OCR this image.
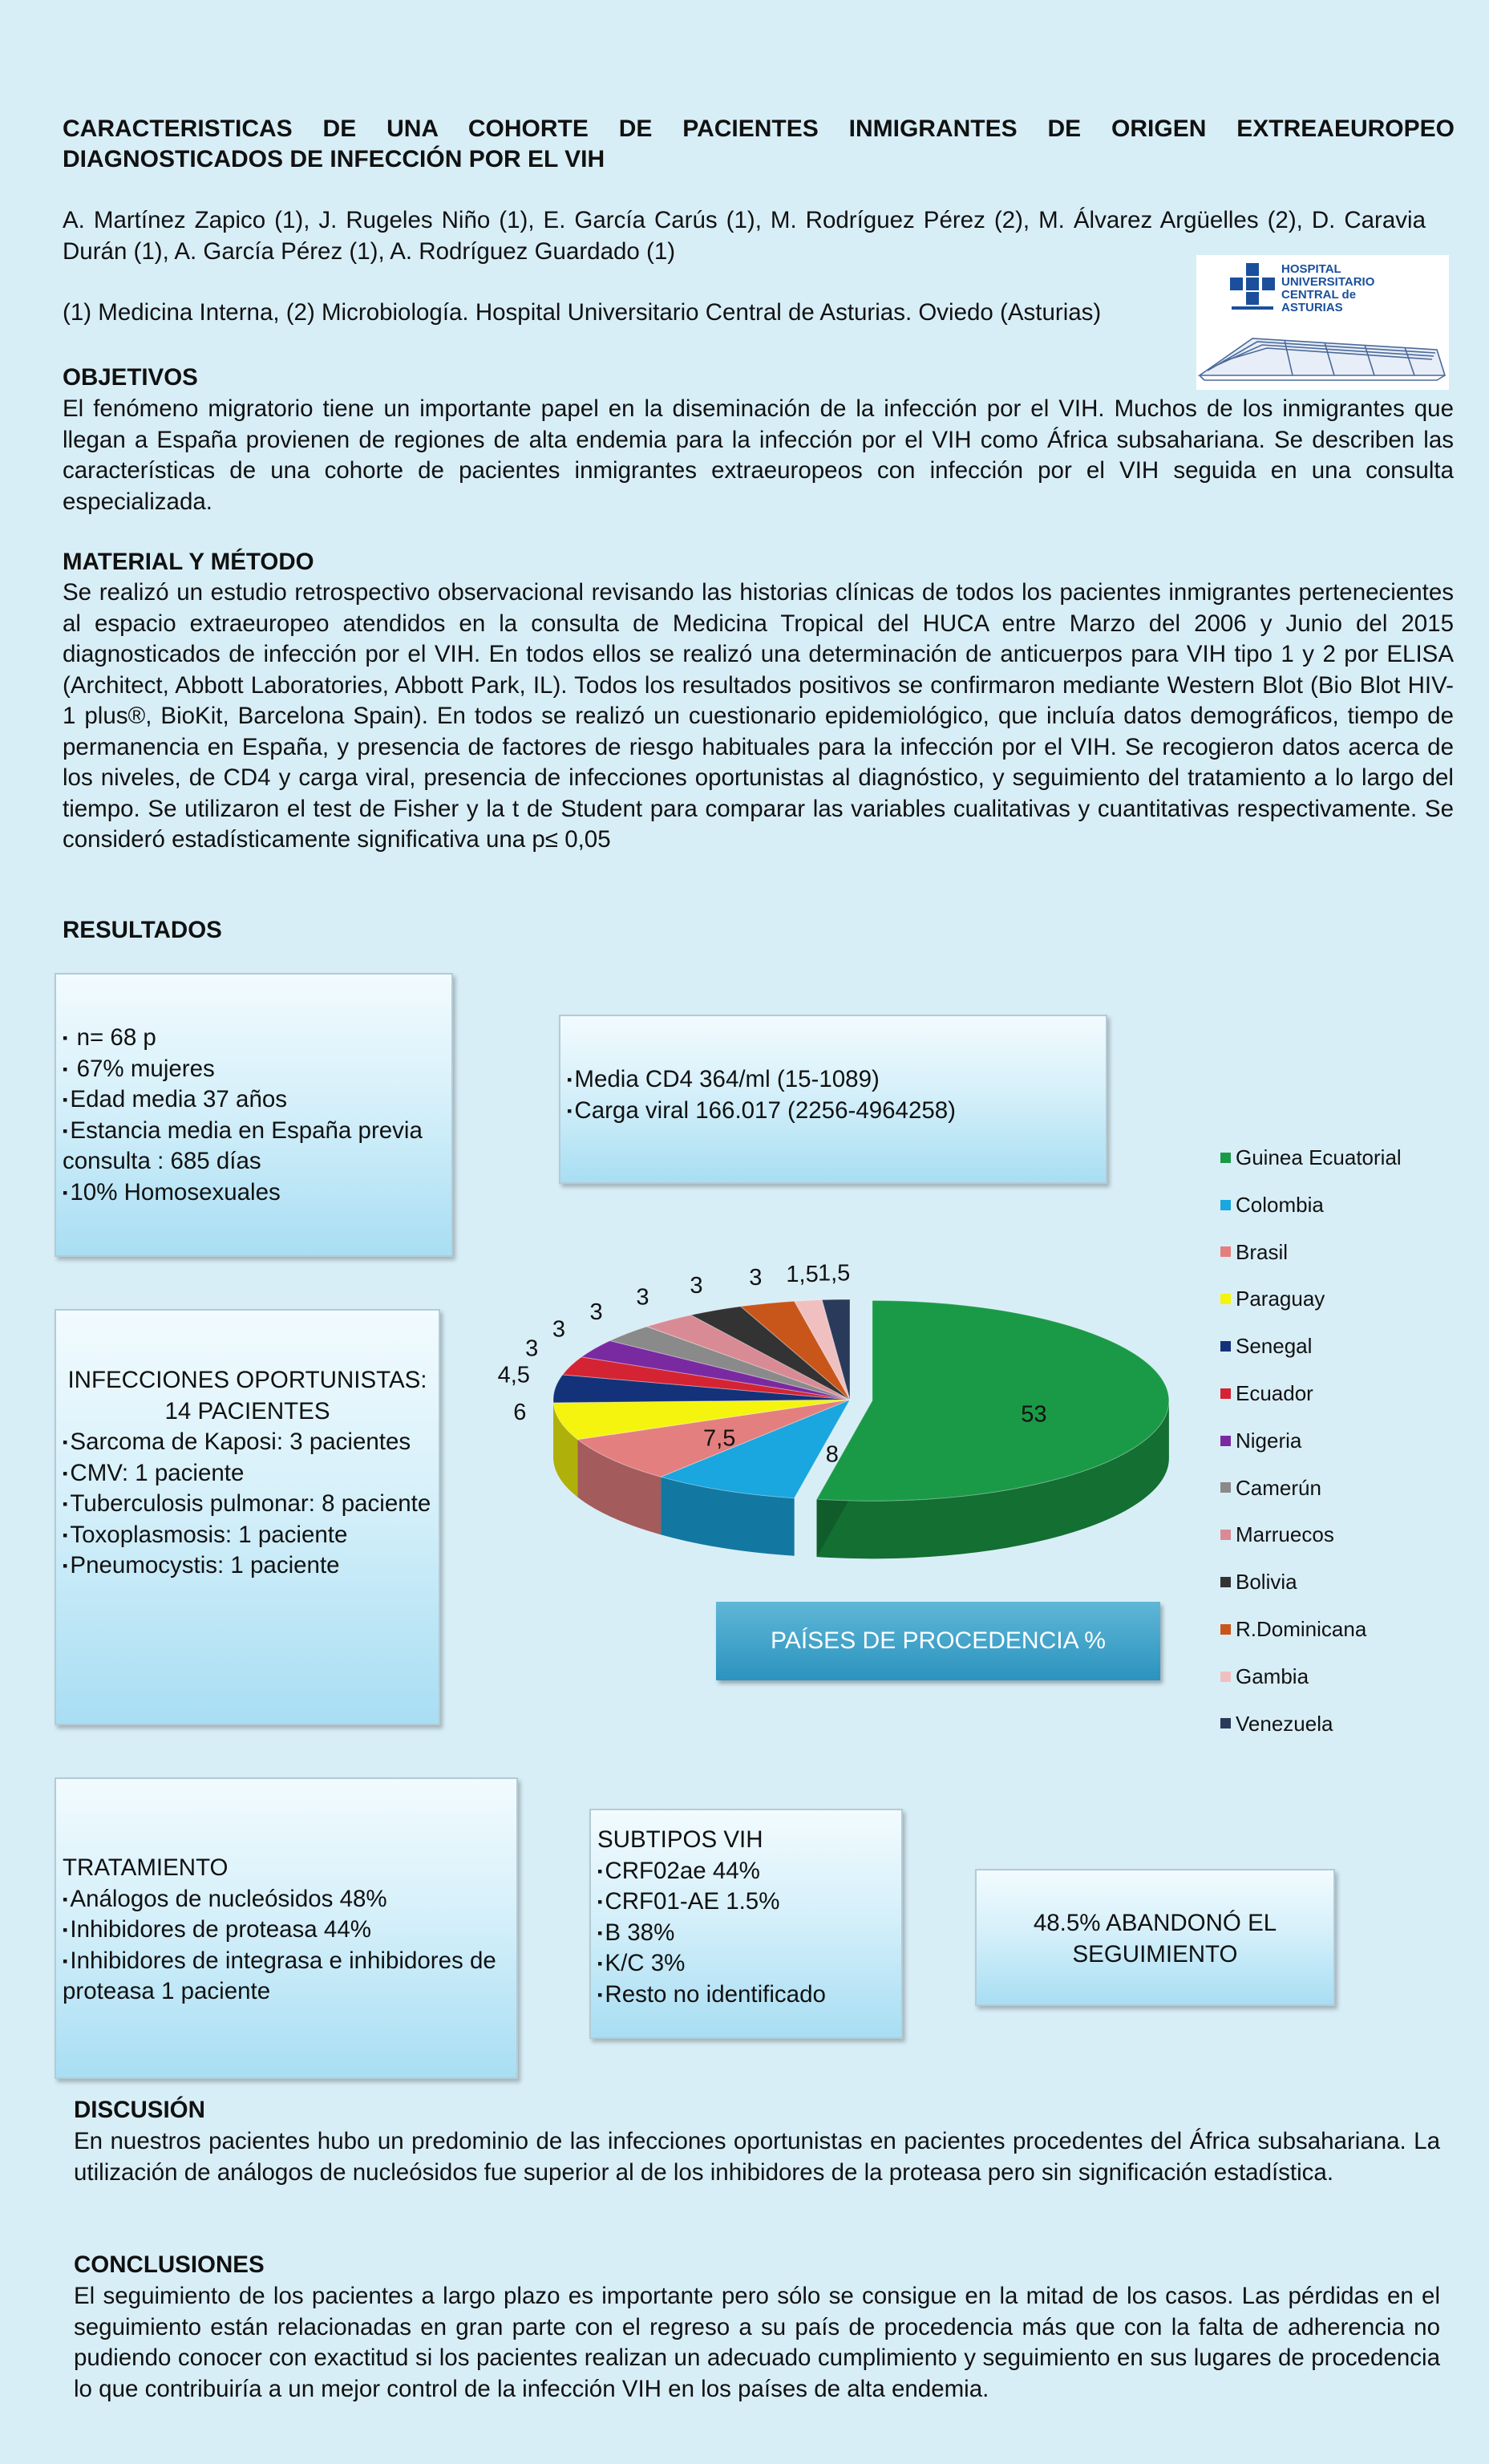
CARACTERISTICAS DE UNA COHORTE DE PACIENTES INMIGRANTES DE ORIGEN EXTREAEUROPEO
DIAGNOSTICADOS DE INFECCIÓN POR EL VIH
A. Martínez Zapico (1), J. Rugeles Niño (1), E. García Carús (1), M. Rodríguez Pérez (2), M. Álvarez Argüelles (2), D. Caravia Durán (1), A. García Pérez (1), A. Rodríguez Guardado (1)
(1) Medicina Interna, (2) Microbiología. Hospital Universitario Central de Asturias. Oviedo (Asturias)
HOSPITAL
UNIVERSITARIO
CENTRAL de
ASTURIAS
OBJETIVOS
El fenómeno migratorio tiene un importante papel en la diseminación de la infección por el VIH. Muchos de los inmigrantes que llegan a España provienen de regiones de alta endemia para la infección por el VIH como África subsahariana. Se describen las características de una cohorte de pacientes inmigrantes extraeuropeos con infección por el VIH seguida en una consulta especializada.
MATERIAL Y MÉTODO
Se realizó un estudio retrospectivo observacional revisando las historias clínicas de todos los pacientes inmigrantes pertenecientes al espacio extraeuropeo atendidos en la consulta de Medicina Tropical del HUCA entre Marzo del 2006 y Junio del 2015 diagnosticados de infección por el VIH. En todos ellos se realizó una determinación de anticuerpos para VIH tipo 1 y 2 por ELISA (Architect, Abbott Laboratories, Abbott Park, IL). Todos los resultados positivos se confirmaron mediante Western Blot (Bio Blot HIV-1 plus®, BioKit, Barcelona Spain). En todos se realizó un cuestionario epidemiológico, que incluía datos demográficos, tiempo de permanencia en España, y presencia de factores de riesgo habituales para la infección por el VIH. Se recogieron datos acerca de los niveles, de CD4 y carga viral, presencia de infecciones oportunistas al diagnóstico, y seguimiento del tratamiento a lo largo del tiempo. Se utilizaron el test de Fisher y la t de Student para comparar las variables cualitativas y cuantitativas respectivamente. Se consideró estadísticamente significativa una p≤ 0,05
RESULTADOS
▪ n= 68 p
▪ 67% mujeres
▪ Edad media 37 años
▪ Estancia media en España previa consulta : 685 días
▪ 10% Homosexuales
▪ Media CD4 364/ml (15-1089)
▪ Carga viral 166.017 (2256-4964258)
INFECCIONES OPORTUNISTAS: 14 PACIENTES
▪ Sarcoma de Kaposi: 3 pacientes
▪ CMV: 1 paciente
▪ Tuberculosis pulmonar: 8 paciente
▪ Toxoplasmosis: 1 paciente
▪ Pneumocystis: 1 paciente
53
8
7,5
6
4,5
3
3
3
3 3 3 1,5 1,5
Guinea Ecuatorial
Colombia
Brasil
Paraguay
Senegal
Ecuador
Nigeria
Camerún
Marruecos
Bolivia
R.Dominicana
Gambia
Venezuela
PAÍSES DE PROCEDENCIA %
TRATAMIENTO
▪ Análogos de nucleósidos 48%
▪ Inhibidores de proteasa 44%
▪ Inhibidores de integrasa e inhibidores de proteasa 1 paciente
SUBTIPOS VIH
▪ CRF02ae 44%
▪ CRF01-AE 1.5%
▪ B 38%
▪ K/C 3%
▪ Resto no identificado
48.5% ABANDONÓ EL SEGUIMIENTO
DISCUSIÓN
En nuestros pacientes hubo un predominio de las infecciones oportunistas en pacientes procedentes del África subsahariana. La utilización de análogos de nucleósidos fue superior al de los inhibidores de la proteasa pero sin significación estadística.
CONCLUSIONES
El seguimiento de los pacientes a largo plazo es importante pero sólo se consigue en la mitad de los casos. Las pérdidas en el seguimiento están relacionadas en gran parte con el regreso a su país de procedencia más que con la falta de adherencia no pudiendo conocer con exactitud si los pacientes realizan un adecuado cumplimiento y seguimiento en sus lugares de procedencia lo que contribuiría a un mejor control de la infección VIH en los países de alta endemia.
